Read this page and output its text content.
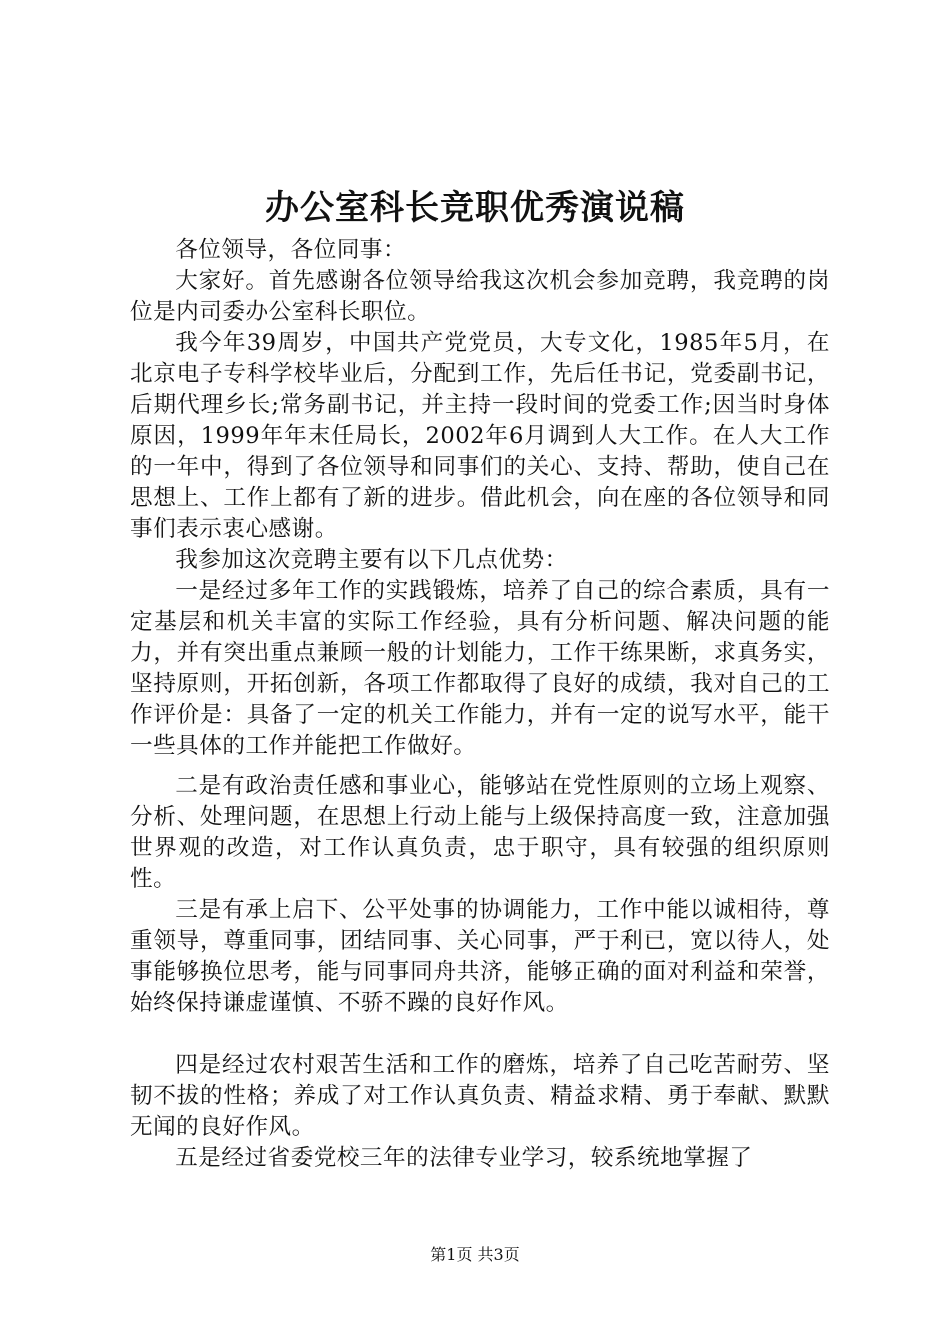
办公室科长竞职优秀演说稿

各位领导，各位同事：

大家好。首先感谢各位领导给我这次机会参加竞聘，我竞聘的岗位是内司委办公室科长职位。

我今年39周岁，中国共产党党员，大专文化，1985年5月，在北京电子专科学校毕业后，分配到工作，先后任书记，党委副书记，后期代理乡长;常务副书记，并主持一段时间的党委工作;因当时身体原因，1999年年末任局长，2002年6月调到人大工作。在人大工作的一年中，得到了各位领导和同事们的关心、支持、帮助，使自己在思想上、工作上都有了新的进步。借此机会，向在座的各位领导和同事们表示衷心感谢。

我参加这次竞聘主要有以下几点优势：

一是经过多年工作的实践锻炼，培养了自己的综合素质，具有一定基层和机关丰富的实际工作经验，具有分析问题、解决问题的能力，并有突出重点兼顾一般的计划能力，工作干练果断，求真务实，坚持原则，开拓创新，各项工作都取得了良好的成绩，我对自己的工作评价是：具备了一定的机关工作能力，并有一定的说写水平，能干一些具体的工作并能把工作做好。

二是有政治责任感和事业心，能够站在党性原则的立场上观察、分析、处理问题，在思想上行动上能与上级保持高度一致，注意加强世界观的改造，对工作认真负责，忠于职守，具有较强的组织原则性。

三是有承上启下、公平处事的协调能力，工作中能以诚相待，尊重领导，尊重同事，团结同事、关心同事，严于利已，宽以待人，处事能够换位思考，能与同事同舟共济，能够正确的面对利益和荣誉，始终保持谦虚谨慎、不骄不躁的良好作风。

四是经过农村艰苦生活和工作的磨炼，培养了自己吃苦耐劳、坚韧不拔的性格；养成了对工作认真负责、精益求精、勇于奉献、默默无闻的良好作风。

五是经过省委党校三年的法律专业学习，较系统地掌握了

第1页 共3页
